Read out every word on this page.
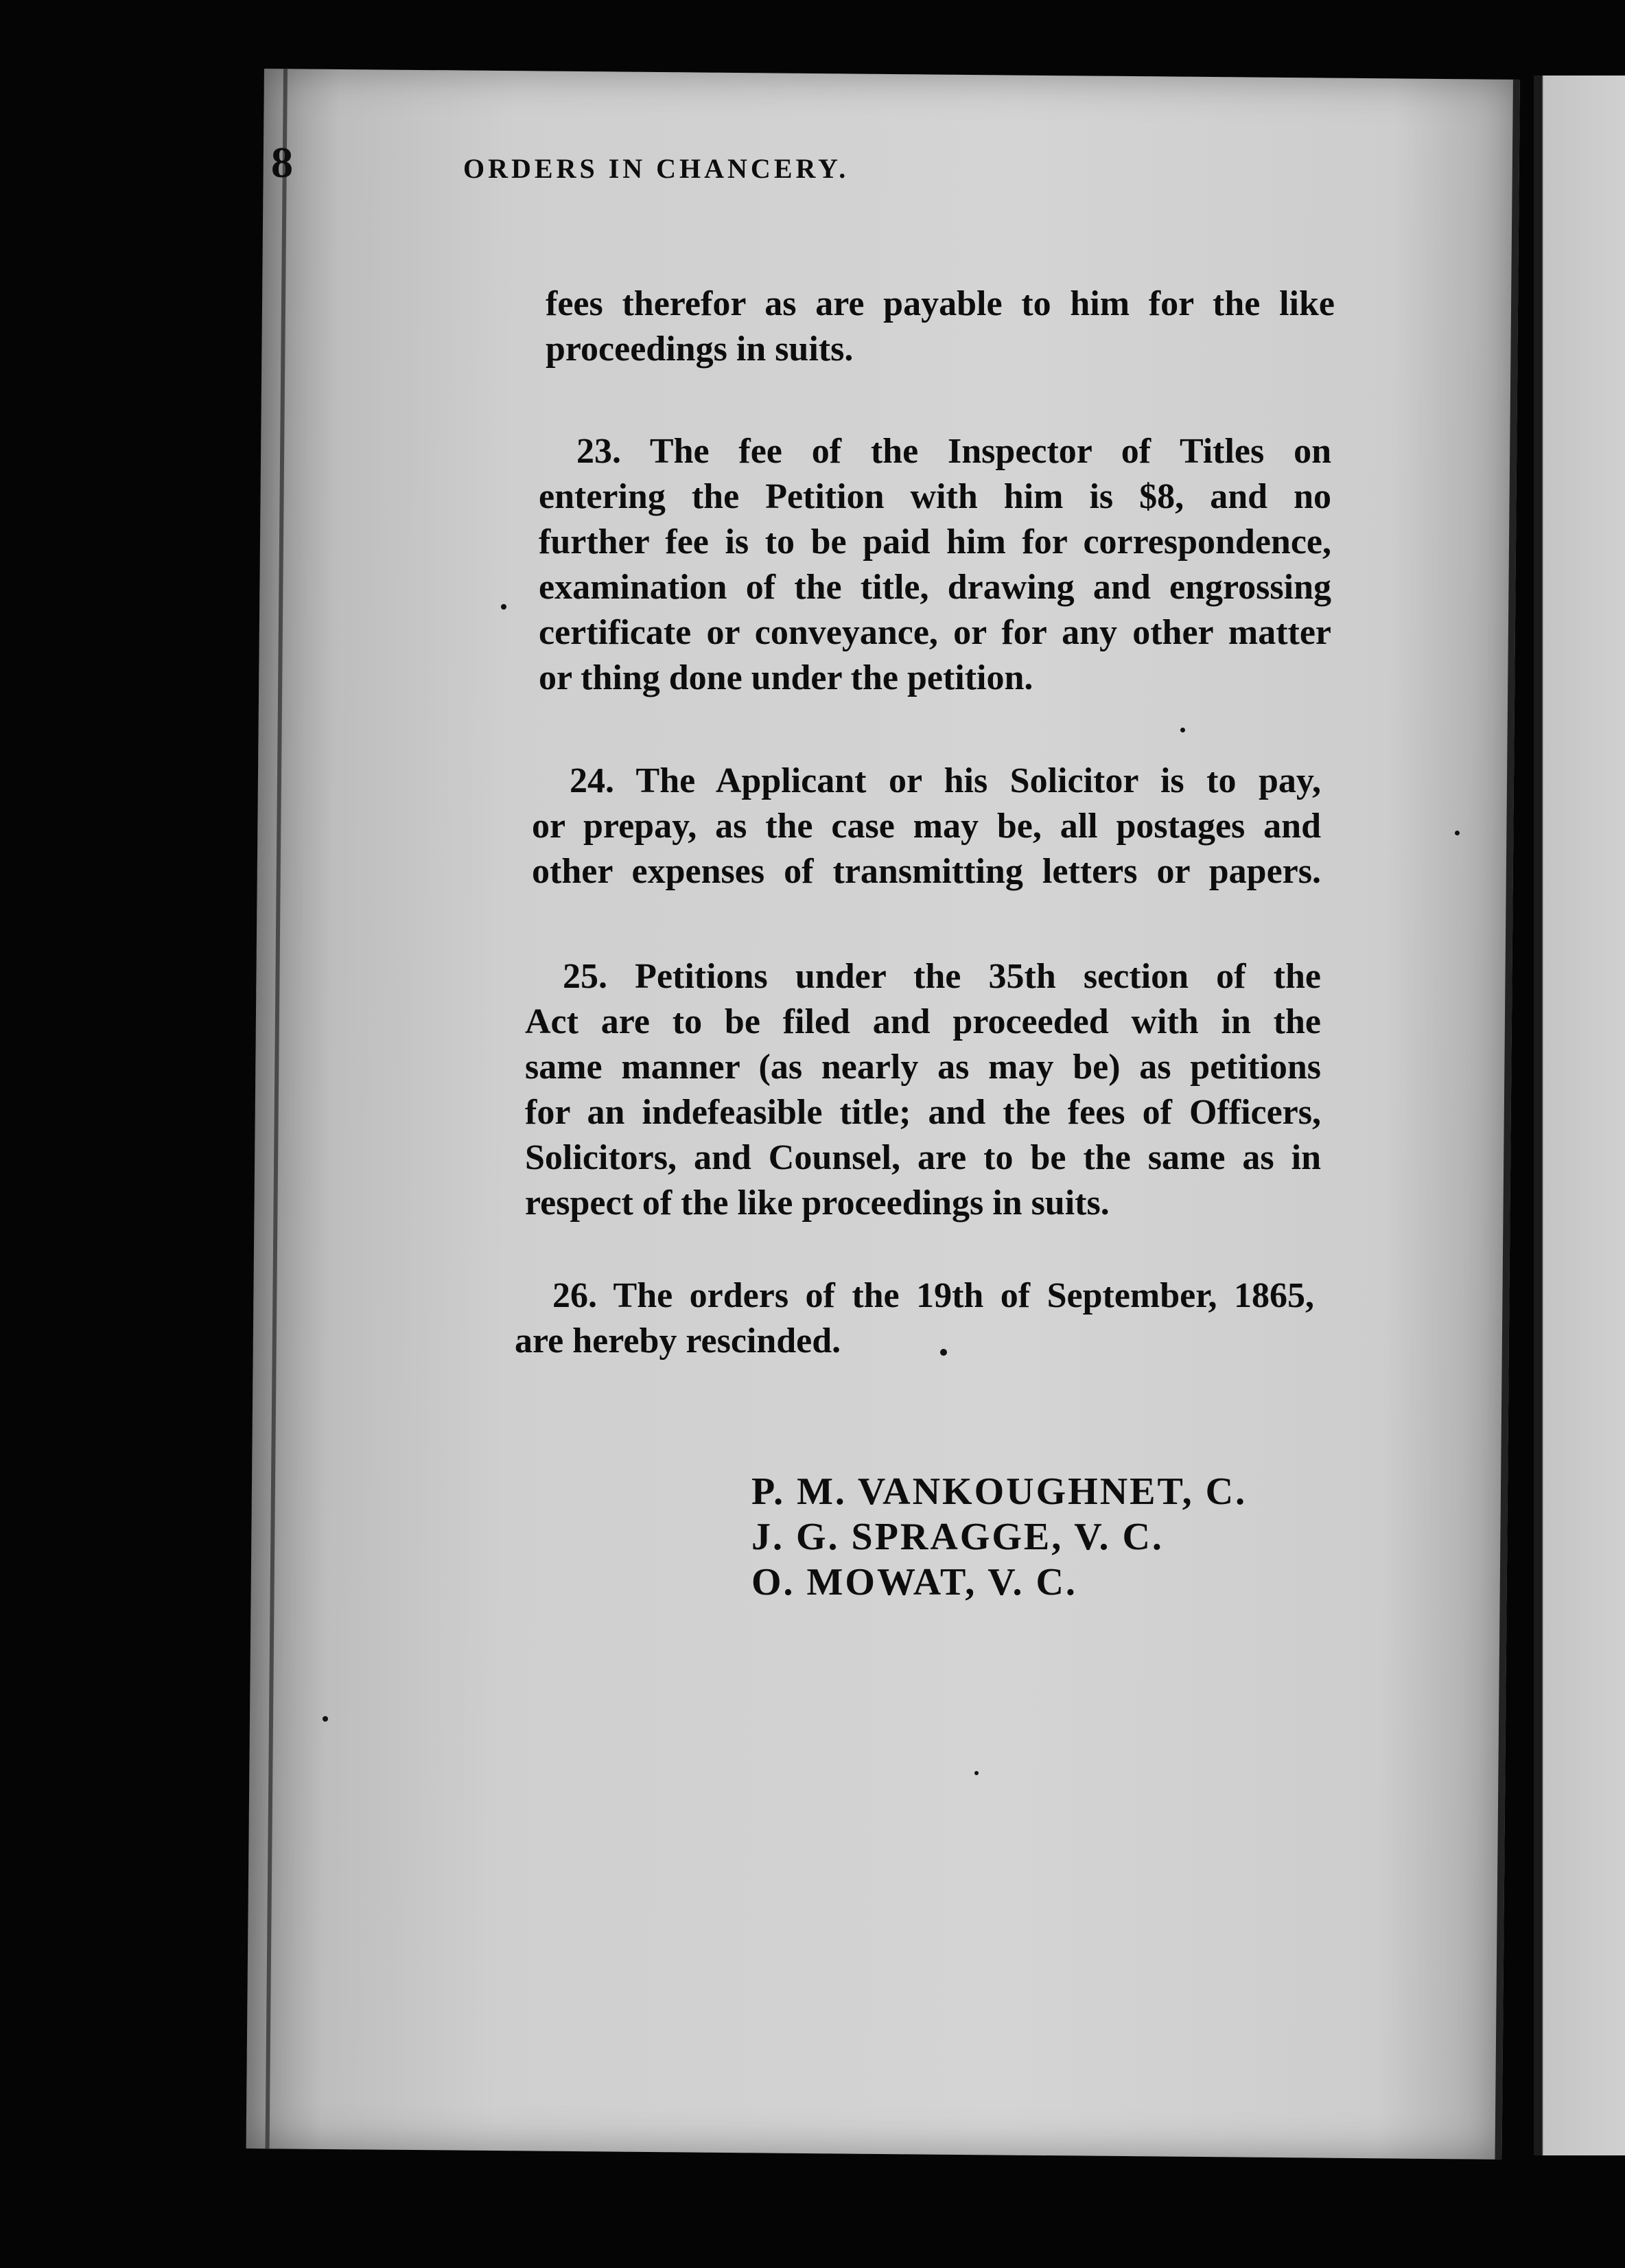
8	ORDERS IN CHANCERY.

fees therefor as are payable to him for the like
proceedings in suits.

23. The fee of the Inspector of Titles on
entering the Petition with him is $8, and no
further fee is to be paid him for correspondence,
examination of the title, drawing and engrossing
certificate or conveyance, or for any other matter
or thing done under the petition.

24. The Applicant or his Solicitor is to pay,
or prepay, as the case may be, all postages and
other expenses of transmitting letters or papers.

25. Petitions under the 35th section of the
Act are to be filed and proceeded with in the
same manner (as nearly as may be) as petitions
for an indefeasible title; and the fees of Officers,
Solicitors, and Counsel, are to be the same as in
respect of the like proceedings in suits.

26. The orders of the 19th of September, 1865,
are hereby rescinded.

P. M. VANKOUGHNET, C.
J. G. SPRAGGE, V. C.
O. MOWAT, V. C.
